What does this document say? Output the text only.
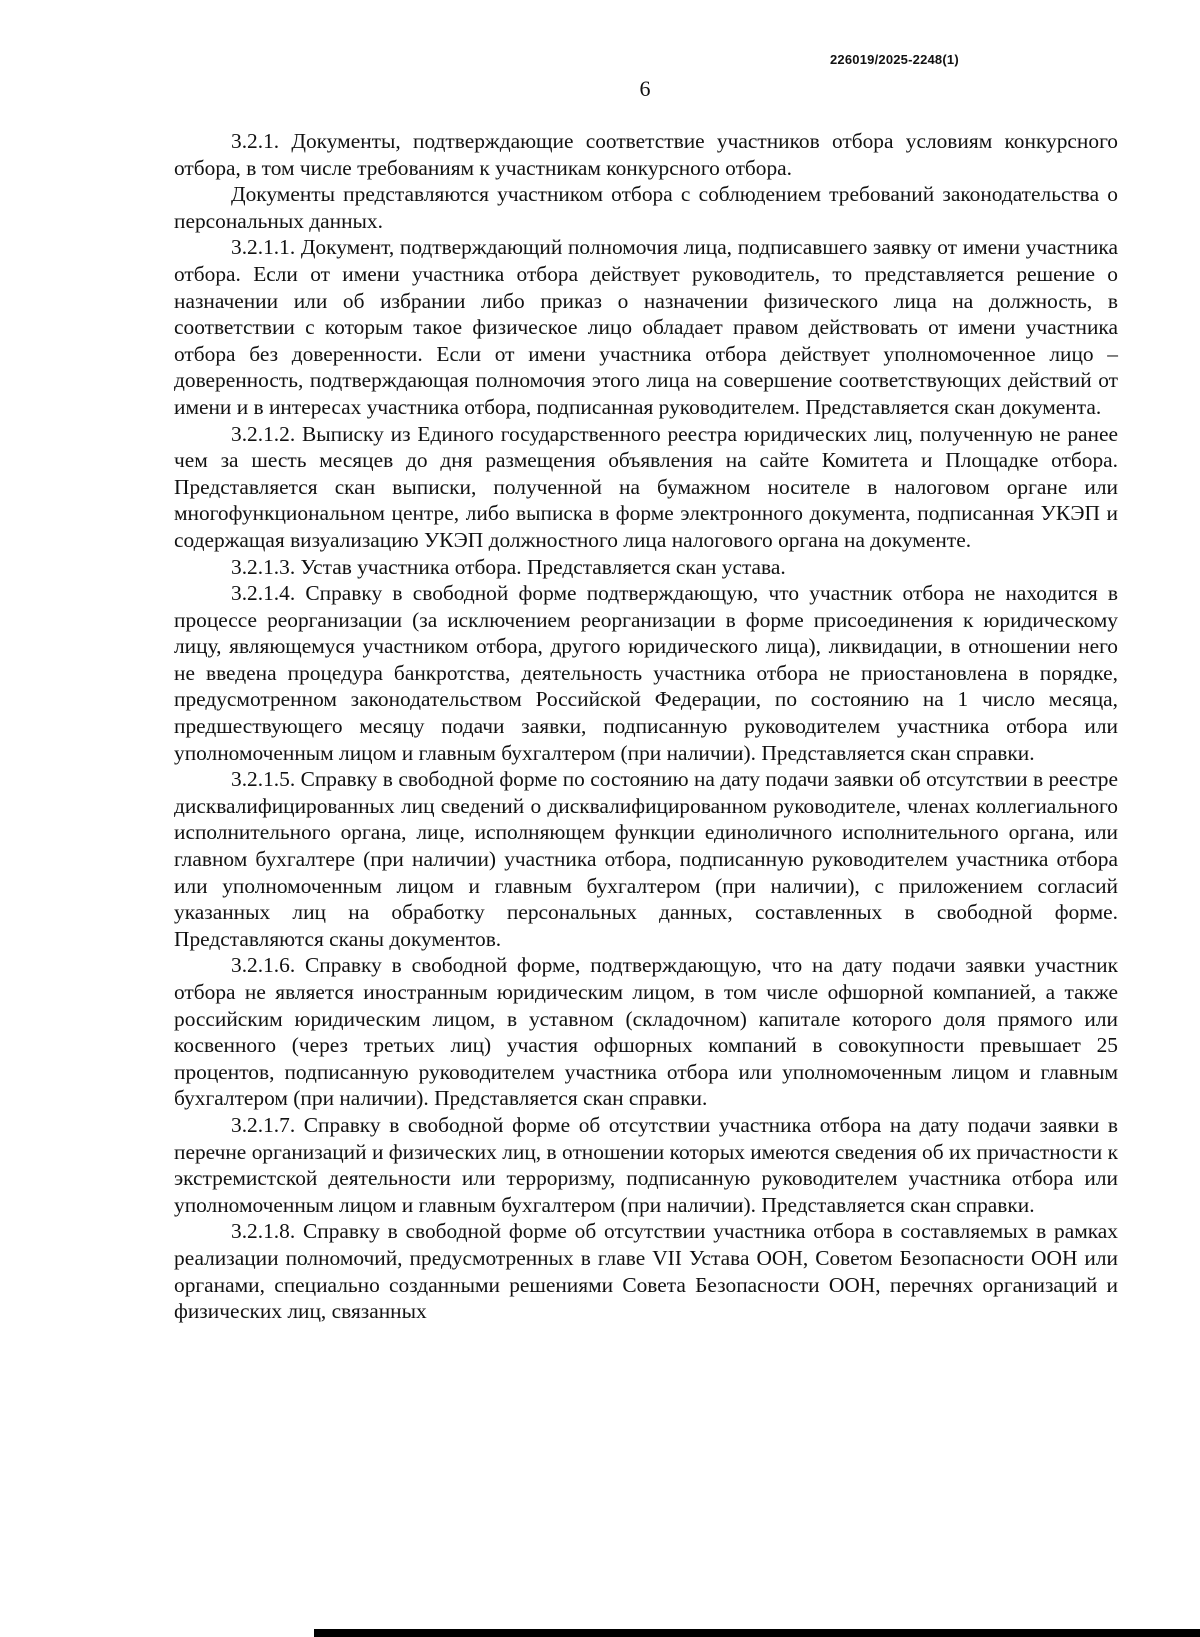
226019/2025-2248(1)
6

3.2.1. Документы, подтверждающие соответствие участников отбора условиям конкурсного отбора, в том числе требованиям к участникам конкурсного отбора.

Документы представляются участником отбора с соблюдением требований законодательства о персональных данных.

3.2.1.1. Документ, подтверждающий полномочия лица, подписавшего заявку от имени участника отбора. Если от имени участника отбора действует руководитель, то представляется решение о назначении или об избрании либо приказ о назначении физического лица на должность, в соответствии с которым такое физическое лицо обладает правом действовать от имени участника отбора без доверенности. Если от имени участника отбора действует уполномоченное лицо – доверенность, подтверждающая полномочия этого лица на совершение соответствующих действий от имени и в интересах участника отбора, подписанная руководителем. Представляется скан документа.

3.2.1.2. Выписку из Единого государственного реестра юридических лиц, полученную не ранее чем за шесть месяцев до дня размещения объявления на сайте Комитета и Площадке отбора. Представляется скан выписки, полученной на бумажном носителе в налоговом органе или многофункциональном центре, либо выписка в форме электронного документа, подписанная УКЭП и содержащая визуализацию УКЭП должностного лица налогового органа на документе.

3.2.1.3. Устав участника отбора. Представляется скан устава.

3.2.1.4. Справку в свободной форме подтверждающую, что участник отбора не находится в процессе реорганизации (за исключением реорганизации в форме присоединения к юридическому лицу, являющемуся участником отбора, другого юридического лица), ликвидации, в отношении него не введена процедура банкротства, деятельность участника отбора не приостановлена в порядке, предусмотренном законодательством Российской Федерации, по состоянию на 1 число месяца, предшествующего месяцу подачи заявки, подписанную руководителем участника отбора или уполномоченным лицом и главным бухгалтером (при наличии). Представляется скан справки.

3.2.1.5. Справку в свободной форме по состоянию на дату подачи заявки об отсутствии в реестре дисквалифицированных лиц сведений о дисквалифицированном руководителе, членах коллегиального исполнительного органа, лице, исполняющем функции единоличного исполнительного органа, или главном бухгалтере (при наличии) участника отбора, подписанную руководителем участника отбора или уполномоченным лицом и главным бухгалтером (при наличии), с приложением согласий указанных лиц на обработку персональных данных, составленных в свободной форме. Представляются сканы документов.

3.2.1.6. Справку в свободной форме, подтверждающую, что на дату подачи заявки участник отбора не является иностранным юридическим лицом, в том числе офшорной компанией, а также российским юридическим лицом, в уставном (складочном) капитале которого доля прямого или косвенного (через третьих лиц) участия офшорных компаний в совокупности превышает 25 процентов, подписанную руководителем участника отбора или уполномоченным лицом и главным бухгалтером (при наличии). Представляется скан справки.

3.2.1.7. Справку в свободной форме об отсутствии участника отбора на дату подачи заявки в перечне организаций и физических лиц, в отношении которых имеются сведения об их причастности к экстремистской деятельности или терроризму, подписанную руководителем участника отбора или уполномоченным лицом и главным бухгалтером (при наличии). Представляется скан справки.

3.2.1.8. Справку в свободной форме об отсутствии участника отбора в составляемых в рамках реализации полномочий, предусмотренных в главе VII Устава ООН, Советом Безопасности ООН или органами, специально созданными решениями Совета Безопасности ООН, перечнях организаций и физических лиц, связанных
